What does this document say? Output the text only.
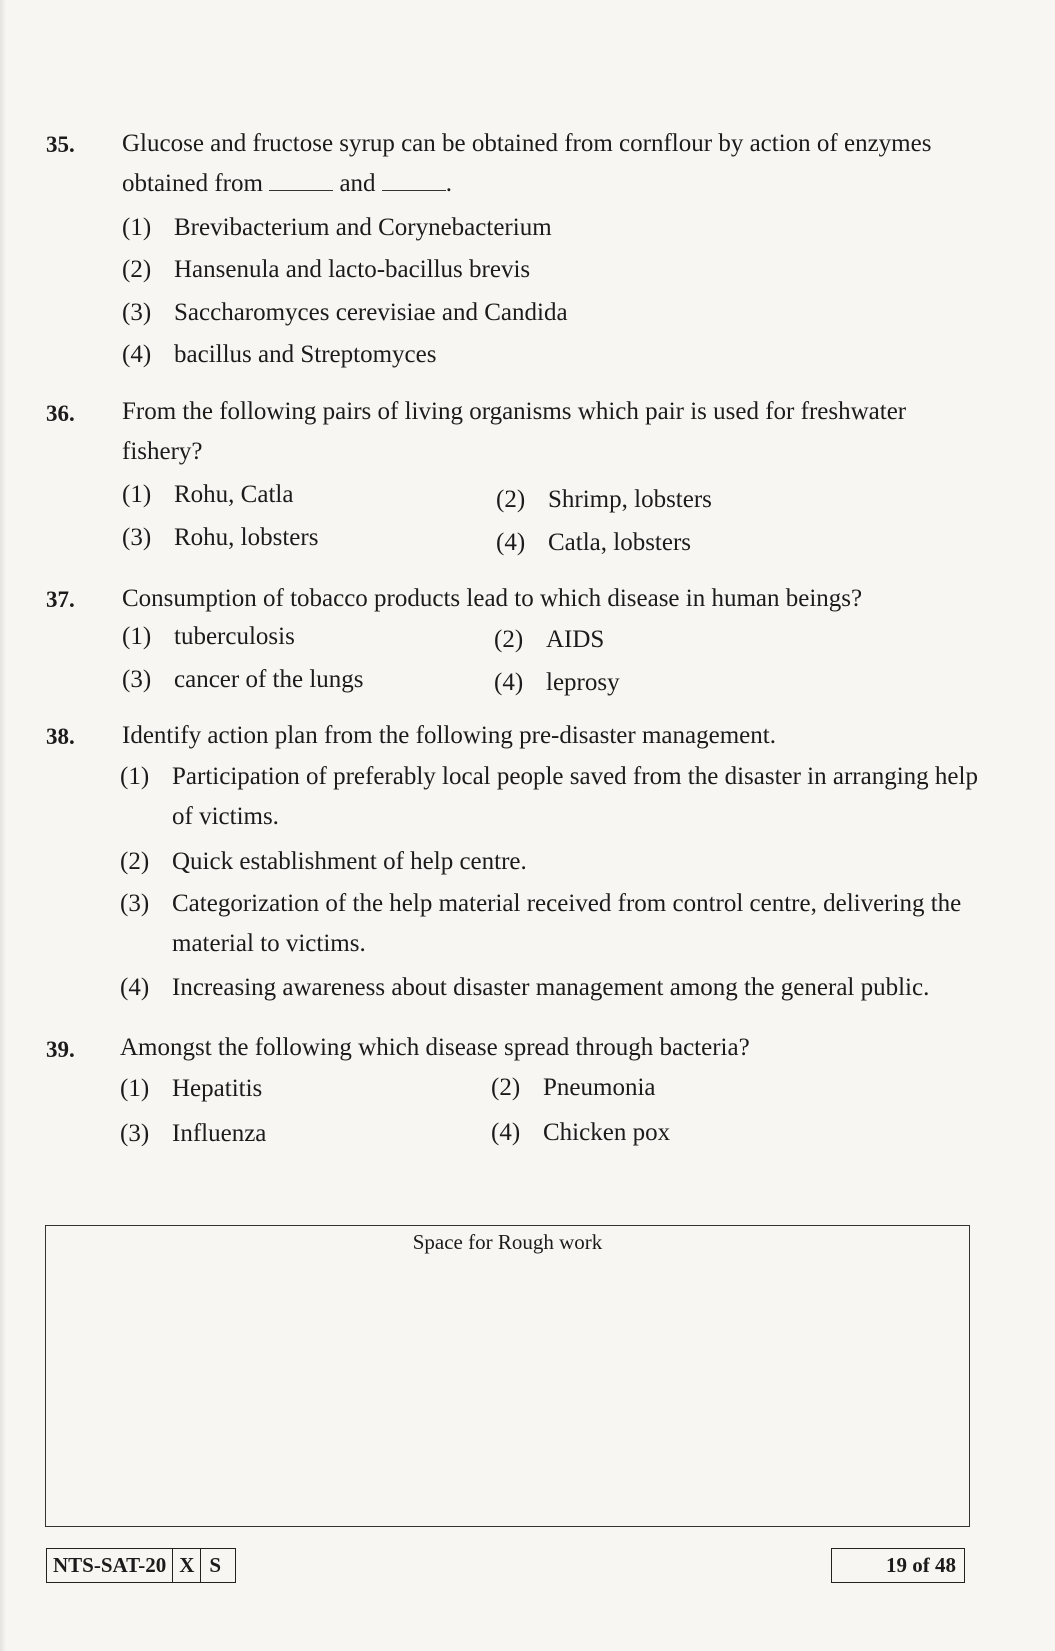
35. Glucose and fructose syrup can be obtained from cornflour by action of enzymes obtained from	and	.
(1) Brevibacterium and Corynebacterium
(2) Hansenula and lacto-bacillus brevis
(3) Saccharomyces cerevisiae and Candida
(4) bacillus and Streptomyces
36. From the following pairs of living organisms which pair is used for freshwater fishery?
(1) Rohu, Catla	(2) Shrimp, lobsters
(3) Rohu, lobsters	(4) Catla, lobsters
37. Consumption of tobacco products lead to which disease in human beings?
(1) tuberculosis	(2) AIDS
(3) cancer of the lungs	(4) leprosy
38. Identify action plan from the following pre-disaster management.
(1) Participation of preferably local people saved from the disaster in arranging help of victims.
(2) Quick establishment of help centre.
(3) Categorization of the help material received from control centre, delivering the material to victims.
(4) Increasing awareness about disaster management among the general public.
39. Amongst the following which disease spread through bacteria?
(1) Hepatitis	(2) Pneumonia
(3) Influenza	(4) Chicken pox
Space for Rough work
NTS-SAT-20 X S	19 of 48
